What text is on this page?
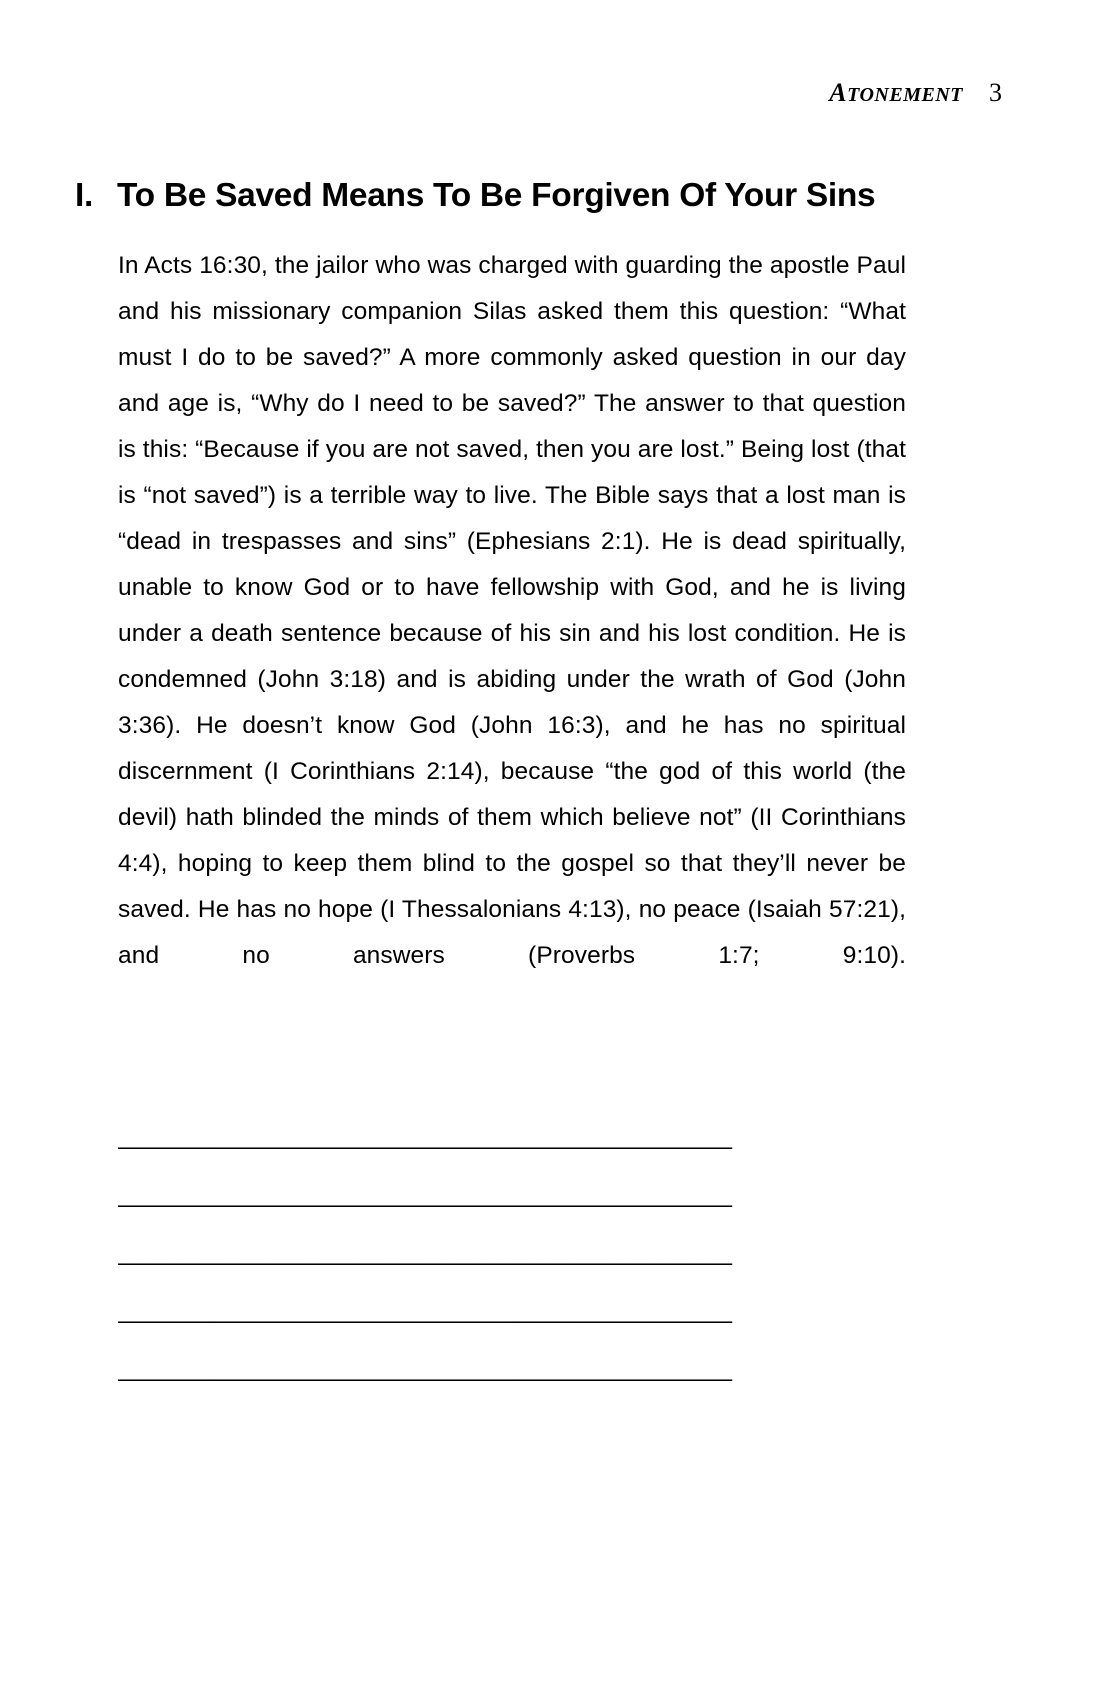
ATONEMENT 3
I. To Be Saved Means To Be Forgiven Of Your Sins

In Acts 16:30, the jailor who was charged with guarding the apostle Paul and his missionary companion Silas asked them this question: “What must I do to be saved?” A more commonly asked question in our day and age is, “Why do I need to be saved?” The answer to that question is this: “Because if you are not saved, then you are lost.” Being lost (that is “not saved”) is a terrible way to live. The Bible says that a lost man is “dead in trespasses and sins” (Ephesians 2:1). He is dead spiritually, unable to know God or to have fellowship with God, and he is living under a death sentence because of his sin and his lost condition. He is condemned (John 3:18) and is abiding under the wrath of God (John 3:36). He doesn’t know God (John 16:3), and he has no spiritual discernment (I Corinthians 2:14), because “the god of this world (the devil) hath blinded the minds of them which believe not” (II Corinthians 4:4), hoping to keep them blind to the gospel so that they’ll never be saved. He has no hope (I Thessalonians 4:13), no peace (Isaiah 57:21), and no answers (Proverbs 1:7; 9:10).

______________________________________________
______________________________________________
______________________________________________
______________________________________________
______________________________________________
